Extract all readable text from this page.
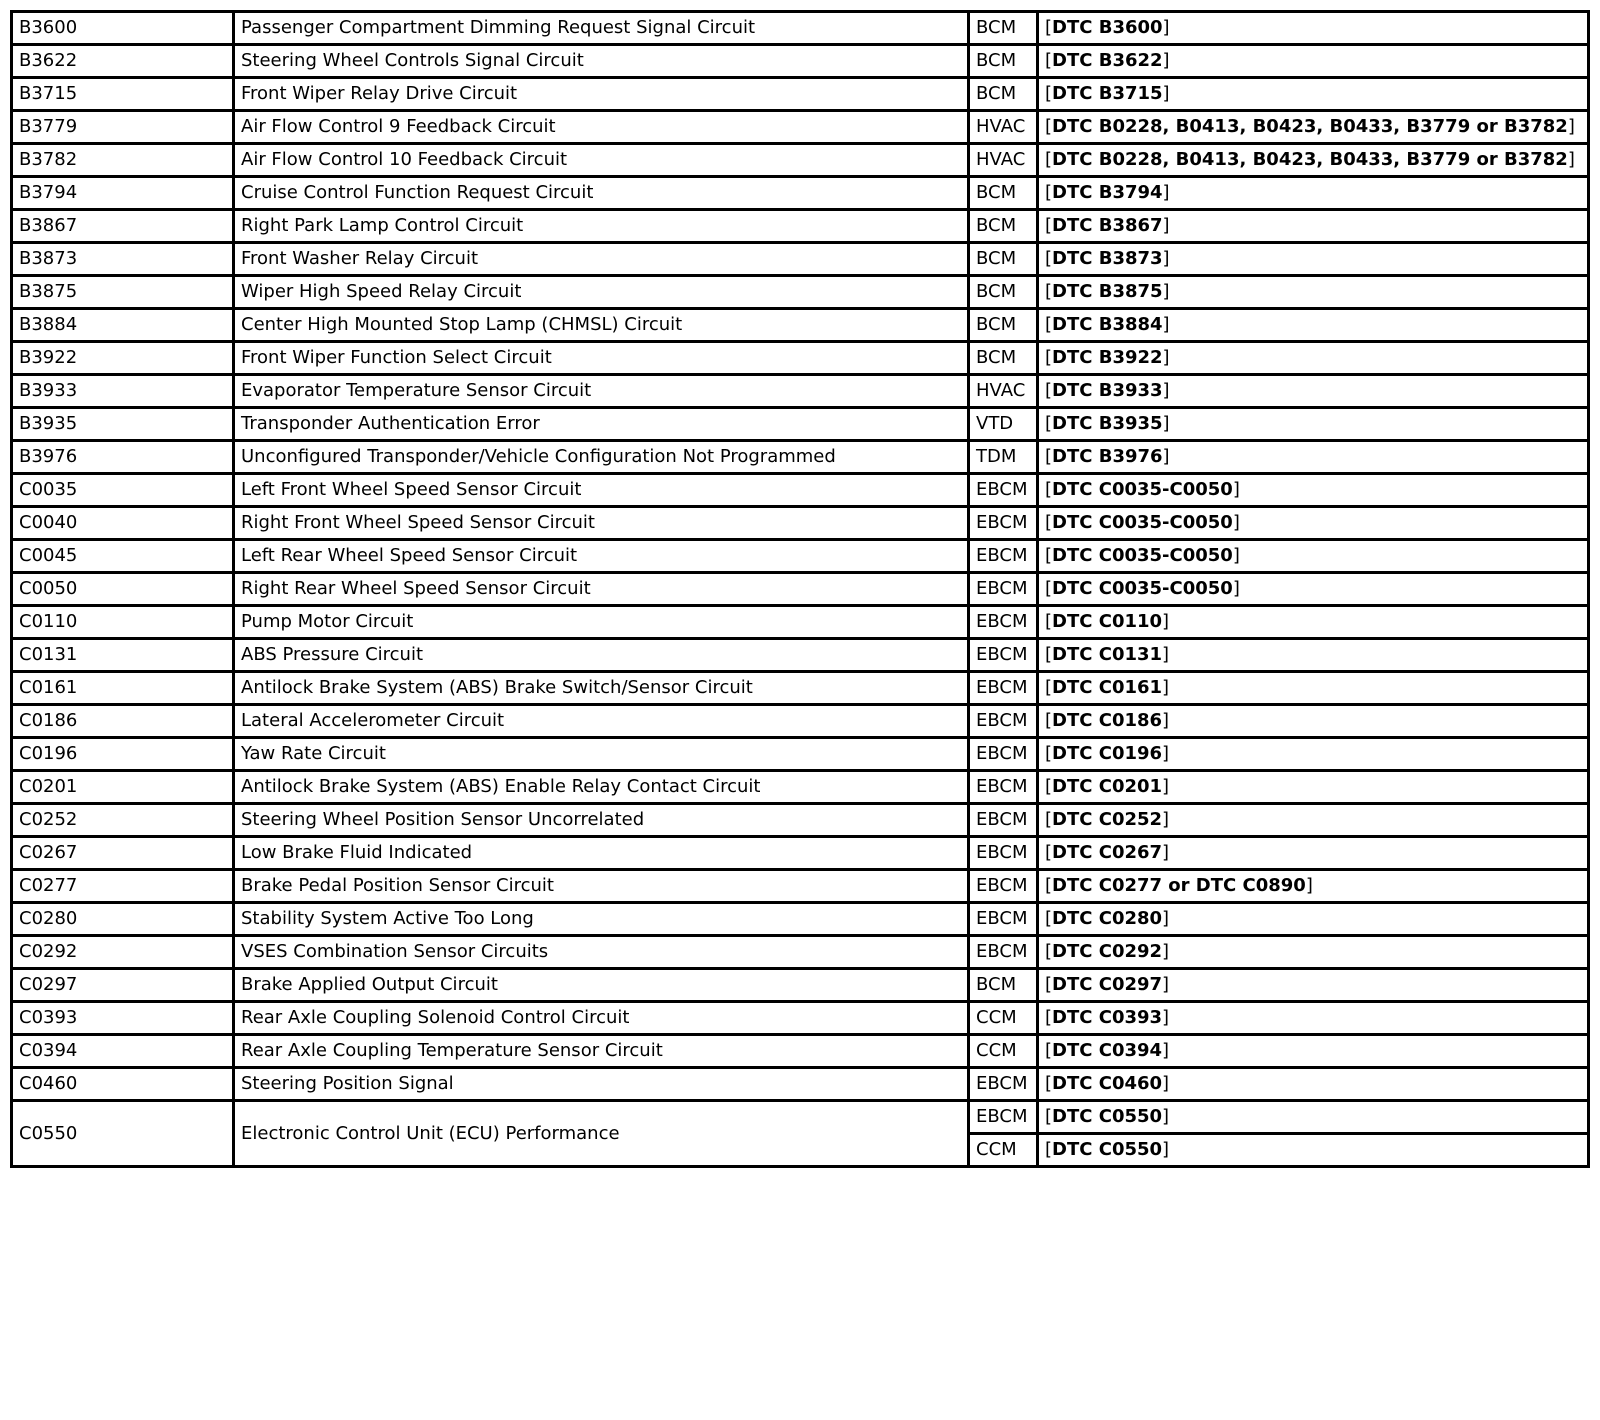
B3600	Passenger Compartment Dimming Request Signal Circuit	BCM	[DTC B3600]
B3622	Steering Wheel Controls Signal Circuit	BCM	[DTC B3622]
B3715	Front Wiper Relay Drive Circuit	BCM	[DTC B3715]
B3779	Air Flow Control 9 Feedback Circuit	HVAC	[DTC B0228, B0413, B0423, B0433, B3779 or B3782]
B3782	Air Flow Control 10 Feedback Circuit	HVAC	[DTC B0228, B0413, B0423, B0433, B3779 or B3782]
B3794	Cruise Control Function Request Circuit	BCM	[DTC B3794]
B3867	Right Park Lamp Control Circuit	BCM	[DTC B3867]
B3873	Front Washer Relay Circuit	BCM	[DTC B3873]
B3875	Wiper High Speed Relay Circuit	BCM	[DTC B3875]
B3884	Center High Mounted Stop Lamp (CHMSL) Circuit	BCM	[DTC B3884]
B3922	Front Wiper Function Select Circuit	BCM	[DTC B3922]
B3933	Evaporator Temperature Sensor Circuit	HVAC	[DTC B3933]
B3935	Transponder Authentication Error	VTD	[DTC B3935]
B3976	Unconfigured Transponder/Vehicle Configuration Not Programmed	TDM	[DTC B3976]
C0035	Left Front Wheel Speed Sensor Circuit	EBCM	[DTC C0035-C0050]
C0040	Right Front Wheel Speed Sensor Circuit	EBCM	[DTC C0035-C0050]
C0045	Left Rear Wheel Speed Sensor Circuit	EBCM	[DTC C0035-C0050]
C0050	Right Rear Wheel Speed Sensor Circuit	EBCM	[DTC C0035-C0050]
C0110	Pump Motor Circuit	EBCM	[DTC C0110]
C0131	ABS Pressure Circuit	EBCM	[DTC C0131]
C0161	Antilock Brake System (ABS) Brake Switch/Sensor Circuit	EBCM	[DTC C0161]
C0186	Lateral Accelerometer Circuit	EBCM	[DTC C0186]
C0196	Yaw Rate Circuit	EBCM	[DTC C0196]
C0201	Antilock Brake System (ABS) Enable Relay Contact Circuit	EBCM	[DTC C0201]
C0252	Steering Wheel Position Sensor Uncorrelated	EBCM	[DTC C0252]
C0267	Low Brake Fluid Indicated	EBCM	[DTC C0267]
C0277	Brake Pedal Position Sensor Circuit	EBCM	[DTC C0277 or DTC C0890]
C0280	Stability System Active Too Long	EBCM	[DTC C0280]
C0292	VSES Combination Sensor Circuits	EBCM	[DTC C0292]
C0297	Brake Applied Output Circuit	BCM	[DTC C0297]
C0393	Rear Axle Coupling Solenoid Control Circuit	CCM	[DTC C0393]
C0394	Rear Axle Coupling Temperature Sensor Circuit	CCM	[DTC C0394]
C0460	Steering Position Signal	EBCM	[DTC C0460]
C0550	Electronic Control Unit (ECU) Performance	EBCM	[DTC C0550]
		CCM	[DTC C0550]
